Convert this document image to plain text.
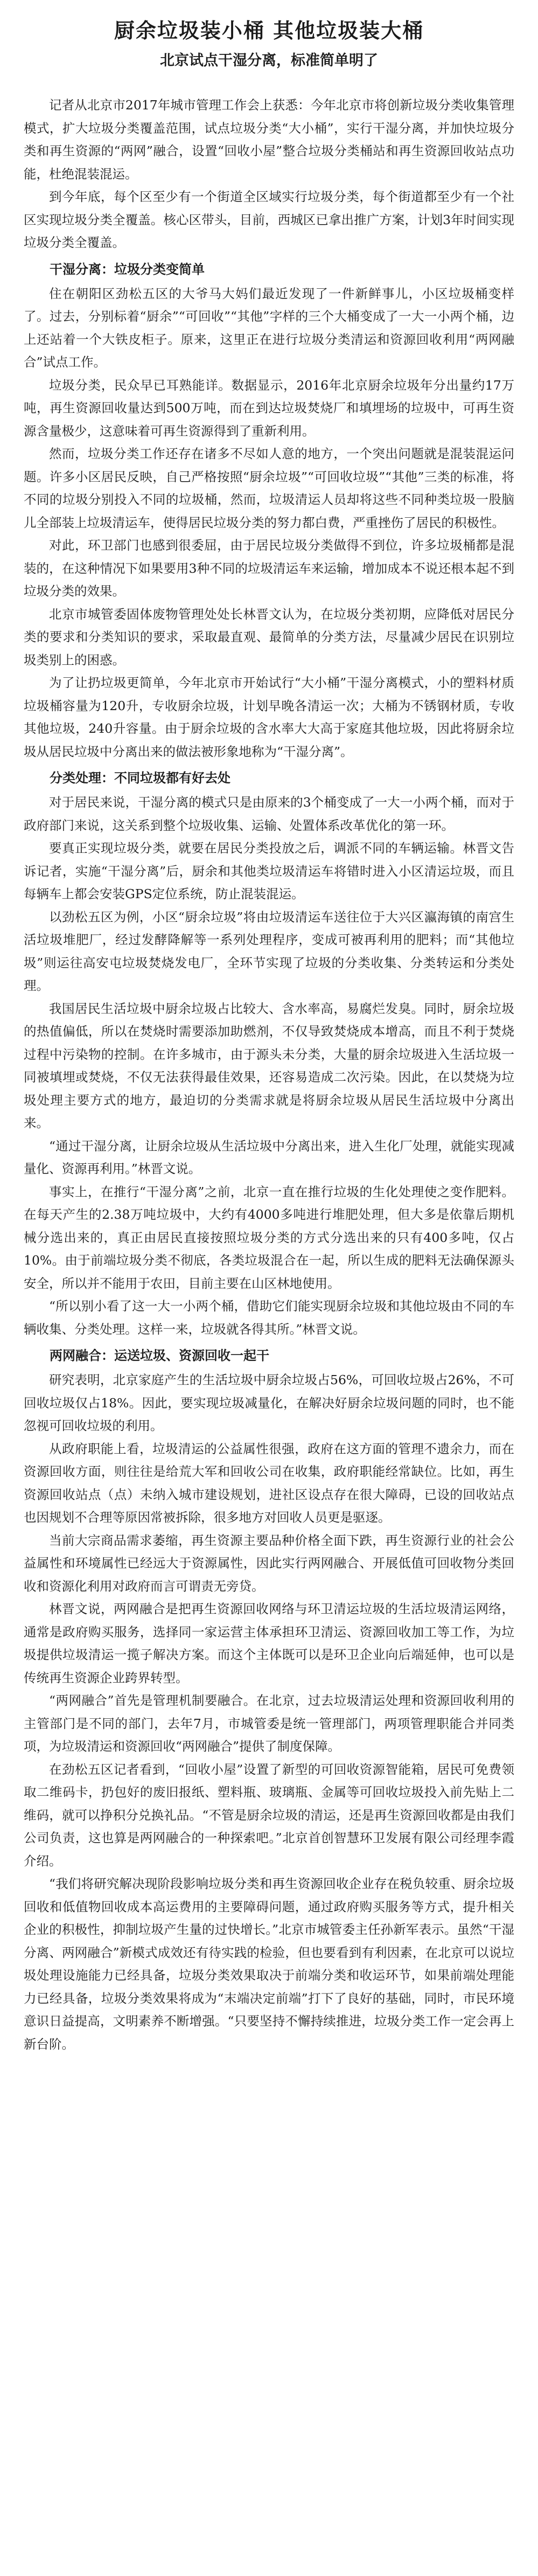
厨余垃圾装小桶 其他垃圾装大桶
北京试点干湿分离，标准简单明了

记者从北京市2017年城市管理工作会上获悉：今年北京市将创新垃圾分类收集管理模式，扩大垃圾分类覆盖范围，试点垃圾分类“大小桶”，实行干湿分离，并加快垃圾分类和再生资源的“两网”融合，设置“回收小屋”整合垃圾分类桶站和再生资源回收站点功能，杜绝混装混运。

到今年底，每个区至少有一个街道全区域实行垃圾分类，每个街道都至少有一个社区实现垃圾分类全覆盖。核心区带头，目前，西城区已拿出推广方案，计划3年时间实现垃圾分类全覆盖。

干湿分离：垃圾分类变简单

住在朝阳区劲松五区的大爷马大妈们最近发现了一件新鲜事儿，小区垃圾桶变样了。过去，分别标着“厨余”“可回收”“其他”字样的三个大桶变成了一大一小两个桶，边上还站着一个大铁皮柜子。原来，这里正在进行垃圾分类清运和资源回收利用“两网融合”试点工作。

垃圾分类，民众早已耳熟能详。数据显示，2016年北京厨余垃圾年分出量约17万吨，再生资源回收量达到500万吨，而在到达垃圾焚烧厂和填埋场的垃圾中，可再生资源含量极少，这意味着可再生资源得到了重新利用。

然而，垃圾分类工作还存在诸多不尽如人意的地方，一个突出问题就是混装混运问题。许多小区居民反映，自己严格按照“厨余垃圾”“可回收垃圾”“其他”三类的标准，将不同的垃圾分别投入不同的垃圾桶，然而，垃圾清运人员却将这些不同种类垃圾一股脑儿全部装上垃圾清运车，使得居民垃圾分类的努力都白费，严重挫伤了居民的积极性。

对此，环卫部门也感到很委屈，由于居民垃圾分类做得不到位，许多垃圾桶都是混装的，在这种情况下如果要用3种不同的垃圾清运车来运输，增加成本不说还根本起不到垃圾分类的效果。

北京市城管委固体废物管理处处长林晋文认为，在垃圾分类初期，应降低对居民分类的要求和分类知识的要求，采取最直观、最简单的分类方法，尽量减少居民在识别垃圾类别上的困惑。

为了让扔垃圾更简单，今年北京市开始试行“大小桶”干湿分离模式，小的塑料材质垃圾桶容量为120升，专收厨余垃圾，计划早晚各清运一次；大桶为不锈钢材质，专收其他垃圾，240升容量。由于厨余垃圾的含水率大大高于家庭其他垃圾，因此将厨余垃圾从居民垃圾中分离出来的做法被形象地称为“干湿分离”。

分类处理：不同垃圾都有好去处

对于居民来说，干湿分离的模式只是由原来的3个桶变成了一大一小两个桶，而对于政府部门来说，这关系到整个垃圾收集、运输、处置体系改革优化的第一环。

要真正实现垃圾分类，就要在居民分类投放之后，调派不同的车辆运输。林晋文告诉记者，实施“干湿分离”后，厨余和其他类垃圾清运车将错时进入小区清运垃圾，而且每辆车上都会安装GPS定位系统，防止混装混运。

以劲松五区为例，小区“厨余垃圾”将由垃圾清运车送往位于大兴区瀛海镇的南宫生活垃圾堆肥厂，经过发酵降解等一系列处理程序，变成可被再利用的肥料；而“其他垃圾”则运往高安屯垃圾焚烧发电厂，全环节实现了垃圾的分类收集、分类转运和分类处理。

我国居民生活垃圾中厨余垃圾占比较大、含水率高，易腐烂发臭。同时，厨余垃圾的热值偏低，所以在焚烧时需要添加助燃剂，不仅导致焚烧成本增高，而且不利于焚烧过程中污染物的控制。在许多城市，由于源头未分类，大量的厨余垃圾进入生活垃圾一同被填埋或焚烧，不仅无法获得最佳效果，还容易造成二次污染。因此，在以焚烧为垃圾处理主要方式的地方，最迫切的分类需求就是将厨余垃圾从居民生活垃圾中分离出来。

“通过干湿分离，让厨余垃圾从生活垃圾中分离出来，进入生化厂处理，就能实现减量化、资源再利用。”林晋文说。

事实上，在推行“干湿分离”之前，北京一直在推行垃圾的生化处理使之变作肥料。在每天产生的2.38万吨垃圾中，大约有4000多吨进行堆肥处理，但大多是依靠后期机械分选出来的，真正由居民直接按照垃圾分类的方式分选出来的只有400多吨，仅占10%。由于前端垃圾分类不彻底，各类垃圾混合在一起，所以生成的肥料无法确保源头安全，所以并不能用于农田，目前主要在山区林地使用。

“所以别小看了这一大一小两个桶，借助它们能实现厨余垃圾和其他垃圾由不同的车辆收集、分类处理。这样一来，垃圾就各得其所。”林晋文说。

两网融合：运送垃圾、资源回收一起干

研究表明，北京家庭产生的生活垃圾中厨余垃圾占56%，可回收垃圾占26%，不可回收垃圾仅占18%。因此，要实现垃圾减量化，在解决好厨余垃圾问题的同时，也不能忽视可回收垃圾的利用。

从政府职能上看，垃圾清运的公益属性很强，政府在这方面的管理不遗余力，而在资源回收方面，则往往是给荒大军和回收公司在收集，政府职能经常缺位。比如，再生资源回收站点（点）未纳入城市建设规划，进社区设点存在很大障碍，已设的回收站点也因规划不合理等原因常被拆除，很多地方对回收人员更是驱逐。

当前大宗商品需求萎缩，再生资源主要品种价格全面下跌，再生资源行业的社会公益属性和环境属性已经远大于资源属性，因此实行两网融合、开展低值可回收物分类回收和资源化利用对政府而言可谓责无旁贷。

林晋文说，两网融合是把再生资源回收网络与环卫清运垃圾的生活垃圾清运网络，通常是政府购买服务，选择同一家运营主体承担环卫清运、资源回收加工等工作，为垃圾提供垃圾清运一揽子解决方案。而这个主体既可以是环卫企业向后端延伸，也可以是传统再生资源企业跨界转型。

“两网融合”首先是管理机制要融合。在北京，过去垃圾清运处理和资源回收利用的主管部门是不同的部门，去年7月，市城管委是统一管理部门，两项管理职能合并同类项，为垃圾清运和资源回收“两网融合”提供了制度保障。

在劲松五区记者看到，“回收小屋”设置了新型的可回收资源智能箱，居民可免费领取二维码卡，扔包好的废旧报纸、塑料瓶、玻璃瓶、金属等可回收垃圾投入前先贴上二维码，就可以挣积分兑换礼品。“不管是厨余垃圾的清运，还是再生资源回收都是由我们公司负责，这也算是两网融合的一种探索吧。”北京首创智慧环卫发展有限公司经理李霞介绍。

“我们将研究解决现阶段影响垃圾分类和再生资源回收企业存在税负较重、厨余垃圾回收和低值物回收成本高运费用的主要障碍问题，通过政府购买服务等方式，提升相关企业的积极性，抑制垃圾产生量的过快增长。”北京市城管委主任孙新军表示。虽然“干湿分离、两网融合”新模式成效还有待实践的检验，但也要看到有利因素，在北京可以说垃圾处理设施能力已经具备，垃圾分类效果取决于前端分类和收运环节，如果前端处理能力已经具备，垃圾分类效果将成为“末端决定前端”打下了良好的基础，同时，市民环境意识日益提高，文明素养不断增强。“只要坚持不懈持续推进，垃圾分类工作一定会再上新台阶。
